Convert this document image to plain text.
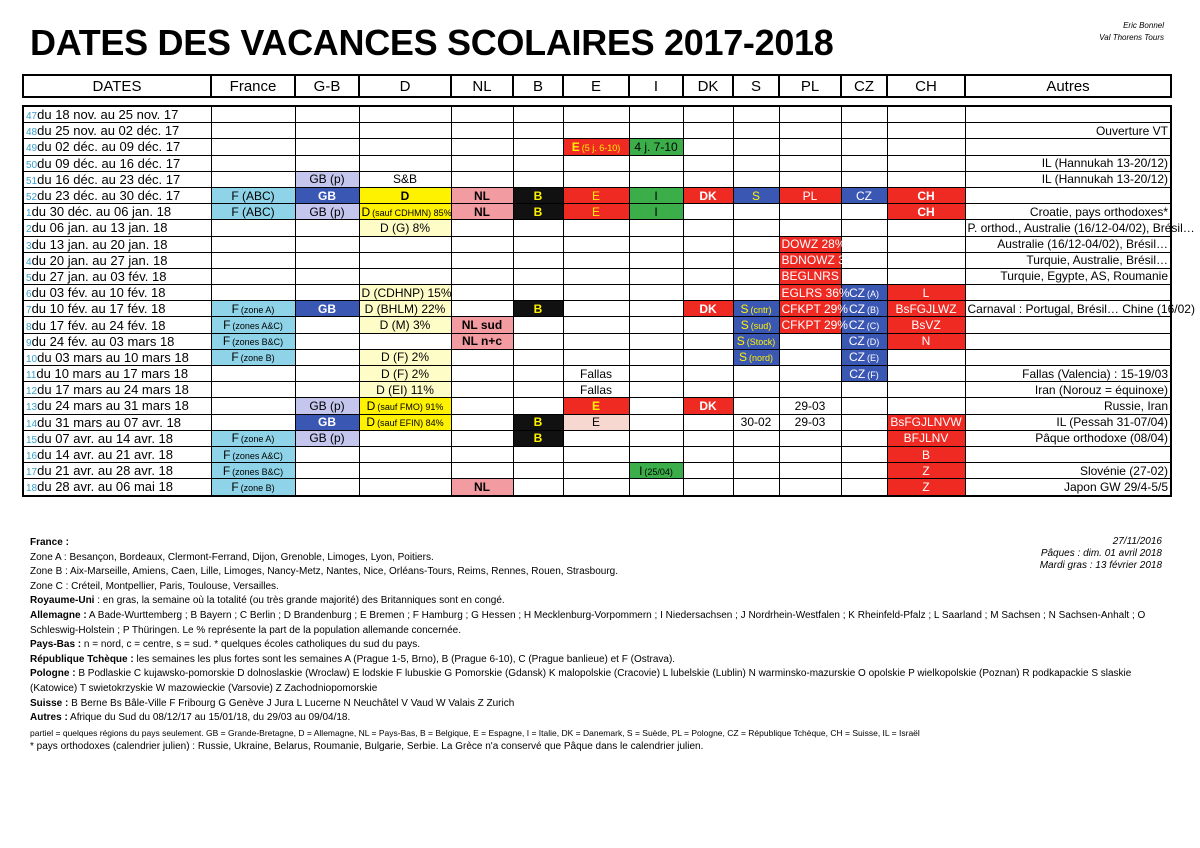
DATES DES VACANCES SCOLAIRES 2017-2018	Eric Bonnel
Val Thorens Tours
DATES	France	G-B	D	NL	B	E	I	DK	S	PL	CZ	CH	Autres
47du 18 nov. au 25 nov. 17													
48du 25 nov. au 02 déc. 17													Ouverture VT
49du 02 déc. au 09 déc. 17						E (5 j. 6-10)	4 j. 7-10						
50du 09 déc. au 16 déc. 17													IL (Hannukah 13-20/12)
51du 16 déc. au 23 déc. 17		GB (p)	S&B										IL (Hannukah 13-20/12)
52du 23 déc. au 30 déc. 17	F (ABC)	GB	D	NL	B	E	I	DK	S	PL	CZ	CH	
1du 30 déc. au 06 jan. 18	F (ABC)	GB (p)	D (sauf CDHMN) 85%	NL	B	E	I					CH	Croatie, pays orthodoxes*
2du 06 jan. au 13 jan. 18			D (G) 8%										P. orthod., Australie (16/12-04/02), Brésil…
3du 13 jan. au 20 jan. 18										DOWZ 28%			Australie (16/12-04/02), Brésil…
4du 20 jan. au 27 jan. 18										BDNOWZ 35%			Turquie, Australie, Brésil…
5du 27 jan. au 03 fév. 18										BEGLNRS 43%			Turquie, Egypte, AS, Roumanie
6du 03 fév. au 10 fév. 18			D (CDHNP) 15%							EGLRS 36%	CZ (A)	L	
7du 10 fév. au 17 fév. 18	F (zone A)	GB	D (BHLM) 22%		B			DK	S (cntr)	CFKPT 29%	CZ (B)	BsFGJLWZ	Carnaval : Portugal, Brésil… Chine (16/02)
8du 17 fév. au 24 fév. 18	F (zones A&C)		D (M) 3%	NL sud					S (sud)	CFKPT 29%	CZ (C)	BsVZ	
9du 24 fév. au 03 mars 18	F (zones B&C)			NL n+c					S (Stock)		CZ (D)	N	
10du 03 mars au 10 mars 18	F (zone B)		D (F) 2%						S (nord)		CZ (E)		
11du 10 mars au 17 mars 18			D (F) 2%			Fallas					CZ (F)		Fallas (Valencia) : 15-19/03
12du 17 mars au 24 mars 18			D (EI) 11%			Fallas							Iran (Norouz = équinoxe)
13du 24 mars au 31 mars 18		GB (p)	D (sauf FMO) 91%			E		DK		29-03			Russie, Iran
14du 31 mars au 07 avr. 18		GB	D (sauf EFIN) 84%		B	E			30-02	29-03		BsFGJLNVW	IL (Pessah 31-07/04)
15du 07 avr. au 14 avr. 18	F (zone A)	GB (p)			B							BFJLNV	Pâque orthodoxe (08/04)
16du 14 avr. au 21 avr. 18	F (zones A&C)											B	
17du 21 avr. au 28 avr. 18	F (zones B&C)						I (25/04)					Z	Slovénie (27-02)
18du 28 avr. au 06 mai 18	F (zone B)			NL								Z	Japon GW 29/4-5/5
27/11/2016
Pâques : dim. 01 avril 2018
Mardi gras : 13 février 2018
France :
Zone A : Besançon, Bordeaux, Clermont-Ferrand, Dijon, Grenoble, Limoges, Lyon, Poitiers.
Zone B : Aix-Marseille, Amiens, Caen, Lille, Limoges, Nancy-Metz, Nantes, Nice, Orléans-Tours, Reims, Rennes, Rouen, Strasbourg.
Zone C : Créteil, Montpellier, Paris, Toulouse, Versailles.
Royaume-Uni : en gras, la semaine où la totalité (ou très grande majorité) des Britanniques sont en congé.
Allemagne : A Bade-Wurttemberg ; B Bayern ; C Berlin ; D Brandenburg ; E Bremen ; F Hamburg ; G Hessen ; H Mecklenburg-Vorpommern ; I Niedersachsen ; J Nordrhein-Westfalen ; K Rheinfeld-Pfalz ; L Saarland ; M Sachsen ; N Sachsen-Anhalt ; O Schleswig-Holstein ; P Thüringen. Le % représente la part de la population allemande concernée.
Pays-Bas : n = nord, c = centre, s = sud. * quelques écoles catholiques du sud du pays.
République Tchèque : les semaines les plus fortes sont les semaines A (Prague 1-5, Brno), B (Prague 6-10), C (Prague banlieue) et F (Ostrava).
Pologne : B Podlaskie C kujawsko-pomorskie D dolnoslaskie (Wroclaw) E lodskie F lubuskie G Pomorskie (Gdansk) K malopolskie (Cracovie) L lubelskie (Lublin) N warminsko-mazurskie O opolskie P wielkopolskie (Poznan) R podkapackie S slaskie (Katowice) T swietokrzyskie W mazowieckie (Varsovie) Z Zachodniopomorskie
Suisse : B Berne Bs Bâle-Ville F Fribourg G Genève J Jura L Lucerne N Neuchâtel V Vaud W Valais Z Zurich
Autres : Afrique du Sud du 08/12/17 au 15/01/18, du 29/03 au 09/04/18.
partiel = quelques régions du pays seulement. GB = Grande-Bretagne, D = Allemagne, NL = Pays-Bas, B = Belgique, E = Espagne, I = Italie, DK = Danemark, S = Suède, PL = Pologne, CZ = République Tchèque, CH = Suisse, IL = Israël
* pays orthodoxes (calendrier julien) : Russie, Ukraine, Belarus, Roumanie, Bulgarie, Serbie. La Grèce n'a conservé que Pâque dans le calendrier julien.
